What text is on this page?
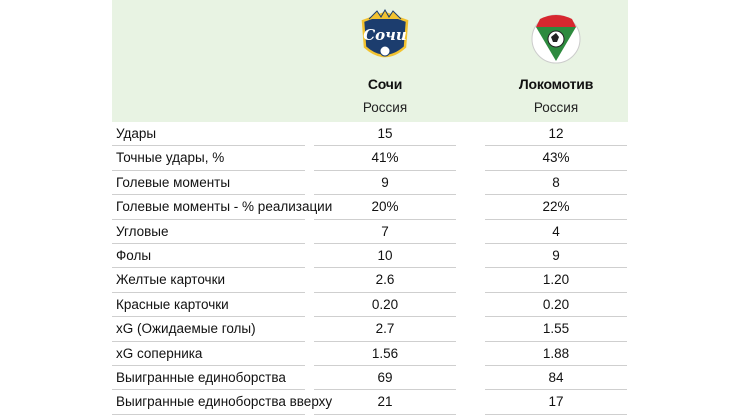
Сочи
Сочи
Россия
Локомотив
Россия
Удары	15	12
Точные удары, %	41%	43%
Голевые моменты	9	8
Голевые моменты - % реализации	20%	22%
Угловые	7	4
Фолы	10	9
Желтые карточки	2.6	1.20
Красные карточки	0.20	0.20
xG (Ожидаемые голы)	2.7	1.55
xG соперника	1.56	1.88
Выигранные единоборства	69	84
Выигранные единоборства вверху	21	17
